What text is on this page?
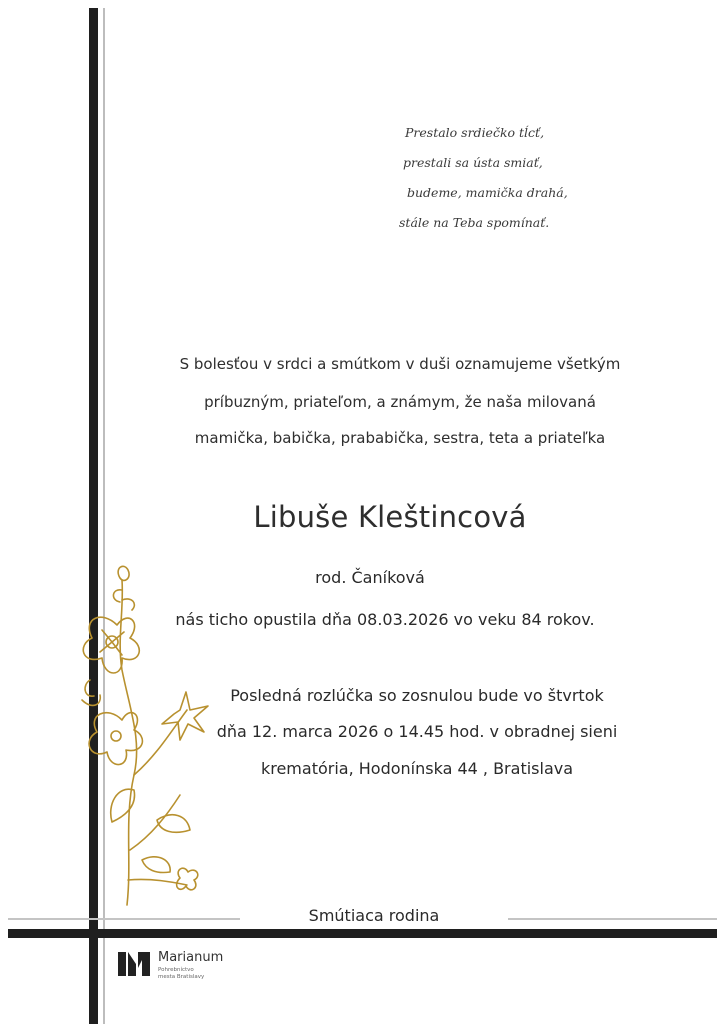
Prestalo srdiečko tĺcť,
prestali sa ústa smiať,
budeme, mamička drahá,
stále na Teba spomínať.
S bolesťou v srdci a smútkom v duši oznamujeme všetkým
príbuzným, priateľom, a známym, že naša milovaná
mamička, babička, prababička, sestra, teta a priateľka
Libuše Kleštincová
rod. Čaníková
nás ticho opustila dňa 08.03.2026 vo veku 84 rokov.
Posledná rozlúčka so zosnulou bude vo štvrtok
dňa 12. marca 2026 o 14.45 hod. v obradnej sieni
krematória, Hodonínska 44 , Bratislava
Smútiaca rodina
Marianum
Pohrebníctvo
mesta Bratislavy
